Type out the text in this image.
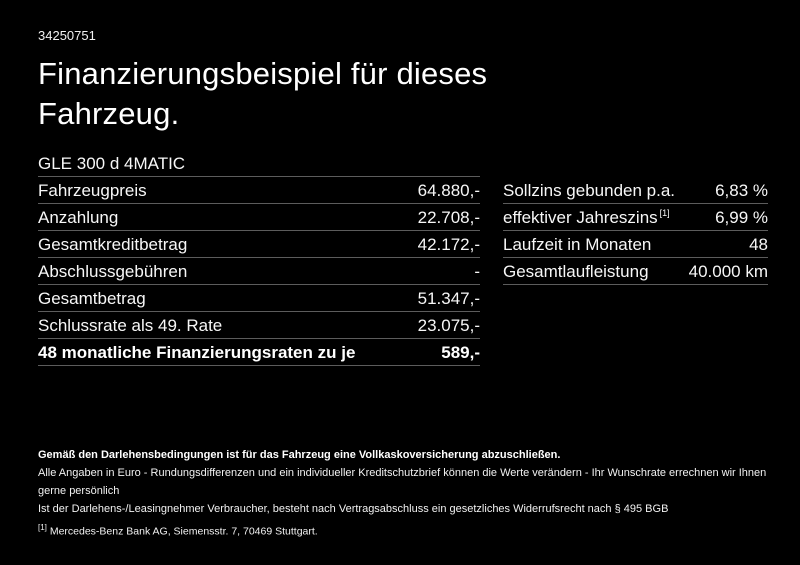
34250751
Finanzierungsbeispiel für dieses
Fahrzeug.
GLE 300 d 4MATIC
Fahrzeugpreis	64.880,-
Anzahlung	22.708,-
Gesamtkreditbetrag	42.172,-
Abschlussgebühren	-
Gesamtbetrag	51.347,-
Schlussrate als 49. Rate	23.075,-
48 monatliche Finanzierungsraten zu je	589,-
Sollzins gebunden p.a. 6,83 %
effektiver Jahreszins [1]	6,99 %
Laufzeit in Monaten	48
Gesamtlaufleistung 40.000 km

Gemäß den Darlehensbedingungen ist für das Fahrzeug eine Vollkaskoversicherung abzuschließen.

Alle Angaben in Euro - Rundungsdifferenzen und ein individueller Kreditschutzbrief können die Werte verändern - Ihr Wunschrate errechnen wir Ihnen gerne persönlich

Ist der Darlehens-/Leasingnehmer Verbraucher, besteht nach Vertragsabschluss ein gesetzliches Widerrufsrecht nach § 495 BGB

[1] Mercedes-Benz Bank AG, Siemensstr. 7, 70469 Stuttgart.
